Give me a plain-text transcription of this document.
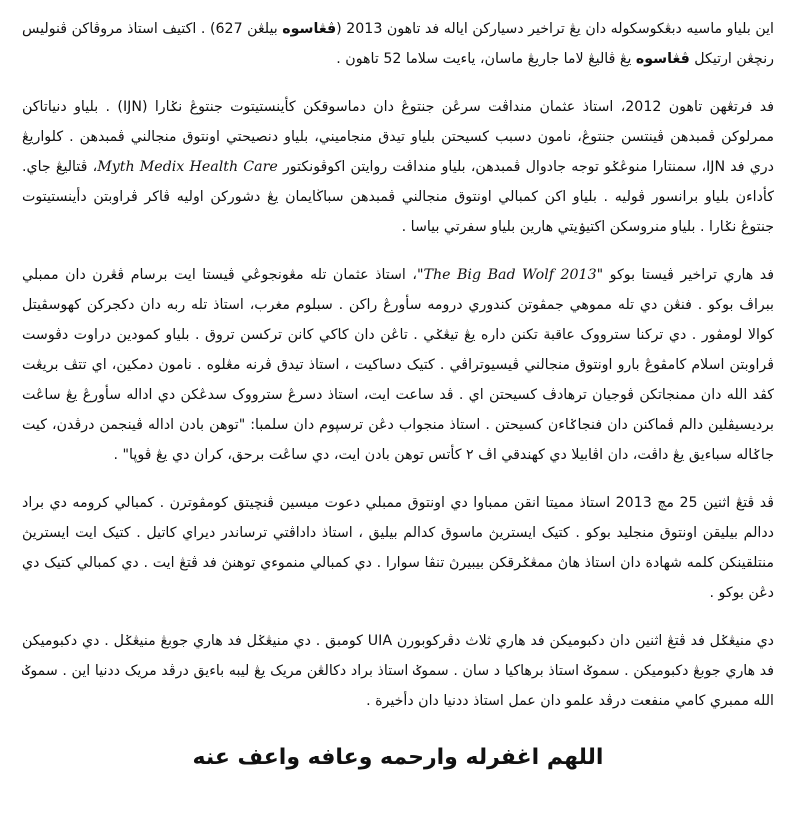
اين بلياو ماسيه دبڠكوسكوله دان يڠ تراخير دسيارکن اياله فد تاهون 2013 (ڤڠاسوه بيلڠن 627) . اکتيف استاذ مروڤاکن ڤنوليس رنچڠن ارتيکل ڤڠاسوه يڠ ڤاليڠ لاما جاريڠ ماسان، ياءيت سلاما 52 تاهون .

فد فرتڠهن تاهون 2012، استاذ عثمان منداڤت سرڠن جنتوڠ دان دماسوقکن کأينستيتوت جنتوڠ نݢارا (IJN) . بلياو دنياتاکن ممرلوکن ڤمبدهن ڤينتسن جنتوڠ، نامون دسبب کسيحتن بلياو تيدق منجاميني، بلياو دنصيحتي اونتوق منجالني ڤمبدهن . کلواريڠ دري فد IJN، سمنتارا منوڠݢو توجه جادوال ڤمبدهن، بلياو منداڤت روايتن اکوڤونکتور Myth Medix Health Care، ڤتاليڠ جاي. کأداءن بلياو برانسور ڤوليه . بلياو اکن کمبالي اونتوق منجالني ڤمبدهن سباڬايمان يڠ دشورکن اوليه ڤاکر ڤراوبتن دأينستيتوت جنتوڠ نݢارا . بلياو منروسکن اکتيۏيتي هارين بلياو سفرتي بياسا .

فد هاري تراخير ڤيستا بوکو "The Big Bad Wolf 2013"، استاذ عثمان تله مڠونجوڠي ڤيستا ايت برسام ڤڠرن دان ممبلي ببراڤ بوکو . فنڠن دي تله مموهي جمڤوتن کندوري درومه سأورڠ راکن . سبلوم مغرب، استاذ تله ربه دان دکجرکن کهوسڤيتل کوالا لومڤور . دي ترکنا سترووک عاقبة تکنن داره يڠ تيڠݢي . تاڠن دان کاکي کانن ترکسن تروق . بلياو کمودين دراوت دڤوست ڤراوبتن اسلام کامڤوڠ بارو اونتوق منجالني ڤيسيوتراڤي . کتيک دساکيت ، استاذ تيدق ڤرنه مڠلوه . نامون دمکين، اي تتڤ بريڠت کڤد الله دان ممنجاتکن ڤوجيان ترهادڤ کسيحتن اي . ڤد ساعت ايت، استاذ دسرڠ سترووک سدڠکن دي اداله سأورڠ يڠ ساڠت برديسيڤلين دالم ڤماکنن دان فنجاݢاءن کسيحتن . استاذ منجواب دڠن ترسپوم دان سلمبا: "توهن بادن اداله ڤينجمن درڤدن، کيت جاݢاله سباءيق يڠ داڤت، دان اڤابيلا دي کهندقي اڤ ٢ کأتس توهن بادن ايت، دي ساڠت برحق، کران دي يڠ ڤوڽا" .

ڤد ڤتڠ اثنين 25 مچ 2013 استاذ مميتا انقن ممباوا دي اونتوق ممبلي دعوت ميسين ڤنچيتق کومڤوترن . کمبالي کرومه دي براد ددالم بيليقن اونتوق منجليد بوکو . کتيک ايستريڽ ماسوق کدالم بيليق ، استاذ داداڤتي ترساندر ديراي کاتيل . کتيک ايت ايستريڽ منتلقينکن کلمه شهادة دان استاذ هاڽ ممڠݢرقکن بيبيرڽ تنڤا سوارا . دي کمبالي منموءي توهنڽ فد ڤتڠ ايت . دي کمبالي کتيک دي دڠن بوکو .

دي منيڠݢل فد ڤتڠ اثنين دان دکبوميکن فد هاري ثلاث دڤرکوبورن UIA کومبق . دي منيڠݢل فد هاري جوبڠ منيڠݢل . دي دکبوميکن فد هاري جوبڠ دکبوميکن . سموݢ استاذ برهاکيا د سان . سموݢ استاذ براد دکالڠن مريک يڠ ليبه باءيق درڤد مريک ددنيا اين . سموݢ الله ممبري کامي منفعت درڤد علمو دان عمل استاذ ددنيا دان دأخيرة .

اللهم اغفرله وارحمه وعافه واعف عنه
